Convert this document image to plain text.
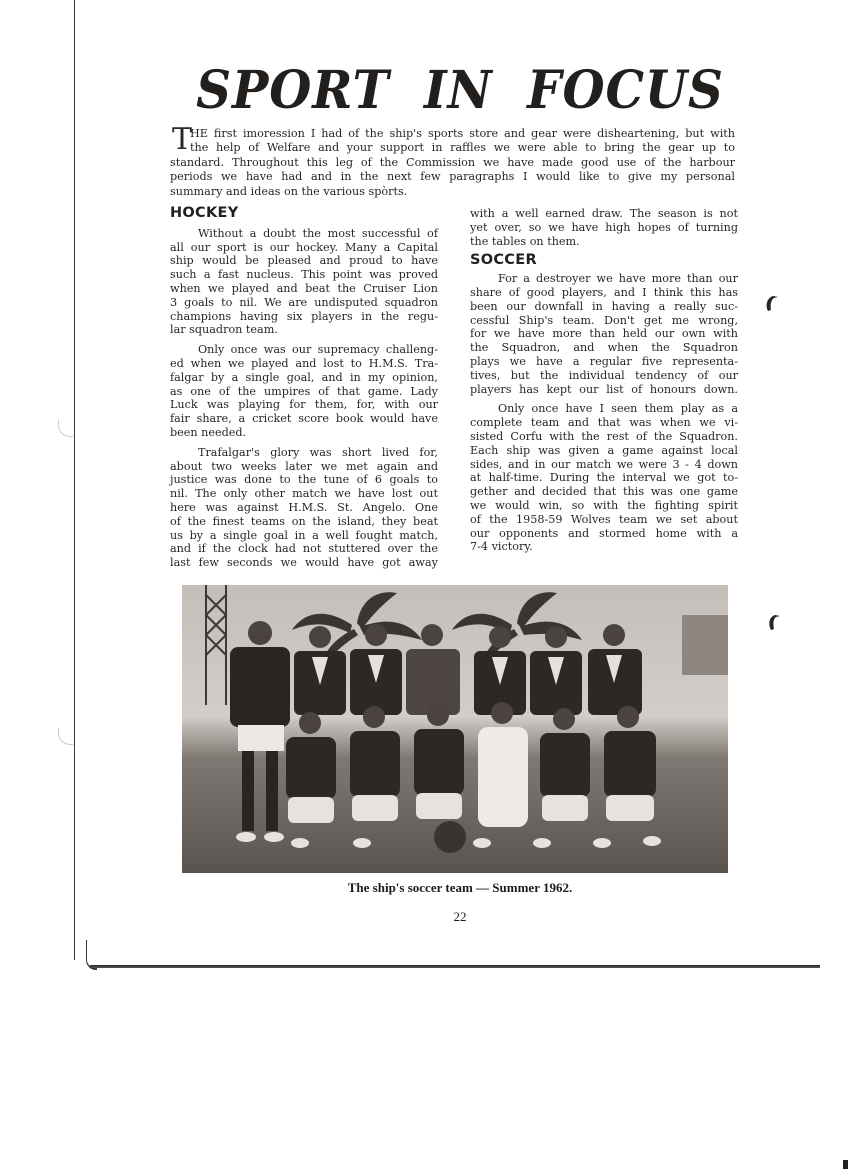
SPORT IN FOCUS
T
HE first imoression I had of the ship's sports store and gear were disheartening, but with
the help of Welfare and your support in raffles we were able to bring the gear up to
standard. Throughout this leg of the Commission we have made good use of the harbour
periods we have had and in the next few paragraphs I would like to give my personal
summary and ideas on the various spòrts.
HOCKEY
Without a doubt the most successful of
all our sport is our hockey. Many a Capital
ship would be pleased and proud to have
such a fast nucleus. This point was proved
when we played and beat the Cruiser Lion
3 goals to nil. We are undisputed squadron
champions having six players in the regu-
lar squadron team.
Only once was our supremacy challeng-
ed when we played and lost to H.M.S. Tra-
falgar by a single goal, and in my opinion,
as one of the umpires of that game. Lady
Luck was playing for them, for, with our
fair share, a cricket score book would have
been needed.
Trafalgar's glory was short lived for,
about two weeks later we met again and
justice was done to the tune of 6 goals to
nil. The only other match we have lost out
here was against H.M.S. St. Angelo. One
of the finest teams on the island, they beat
us by a single goal in a well fought match,
and if the clock had not stuttered over the
last few seconds we would have got away
with a well earned draw. The season is not
yet over, so we have high hopes of turning
the tables on them.
SOCCER
For a destroyer we have more than our
share of good players, and I think this has
been our downfall in having a really suc-
cessful Ship's team. Don't get me wrong,
for we have more than held our own with
the Squadron, and when the Squadron
plays we have a regular five representa-
tives, but the individual tendency of our
players has kept our list of honours down.
Only once have I seen them play as a
complete team and that was when we vi-
sisted Corfu with the rest of the Squadron.
Each ship was given a game against local
sides, and in our match we were 3 - 4 down
at half-time. During the interval we got to-
gether and decided that this was one game
we would win, so with the fighting spirit
of the 1958-59 Wolves team we set about
our opponents and stormed home with a
7-4 victory.
The ship's soccer team — Summer 1962.
22
